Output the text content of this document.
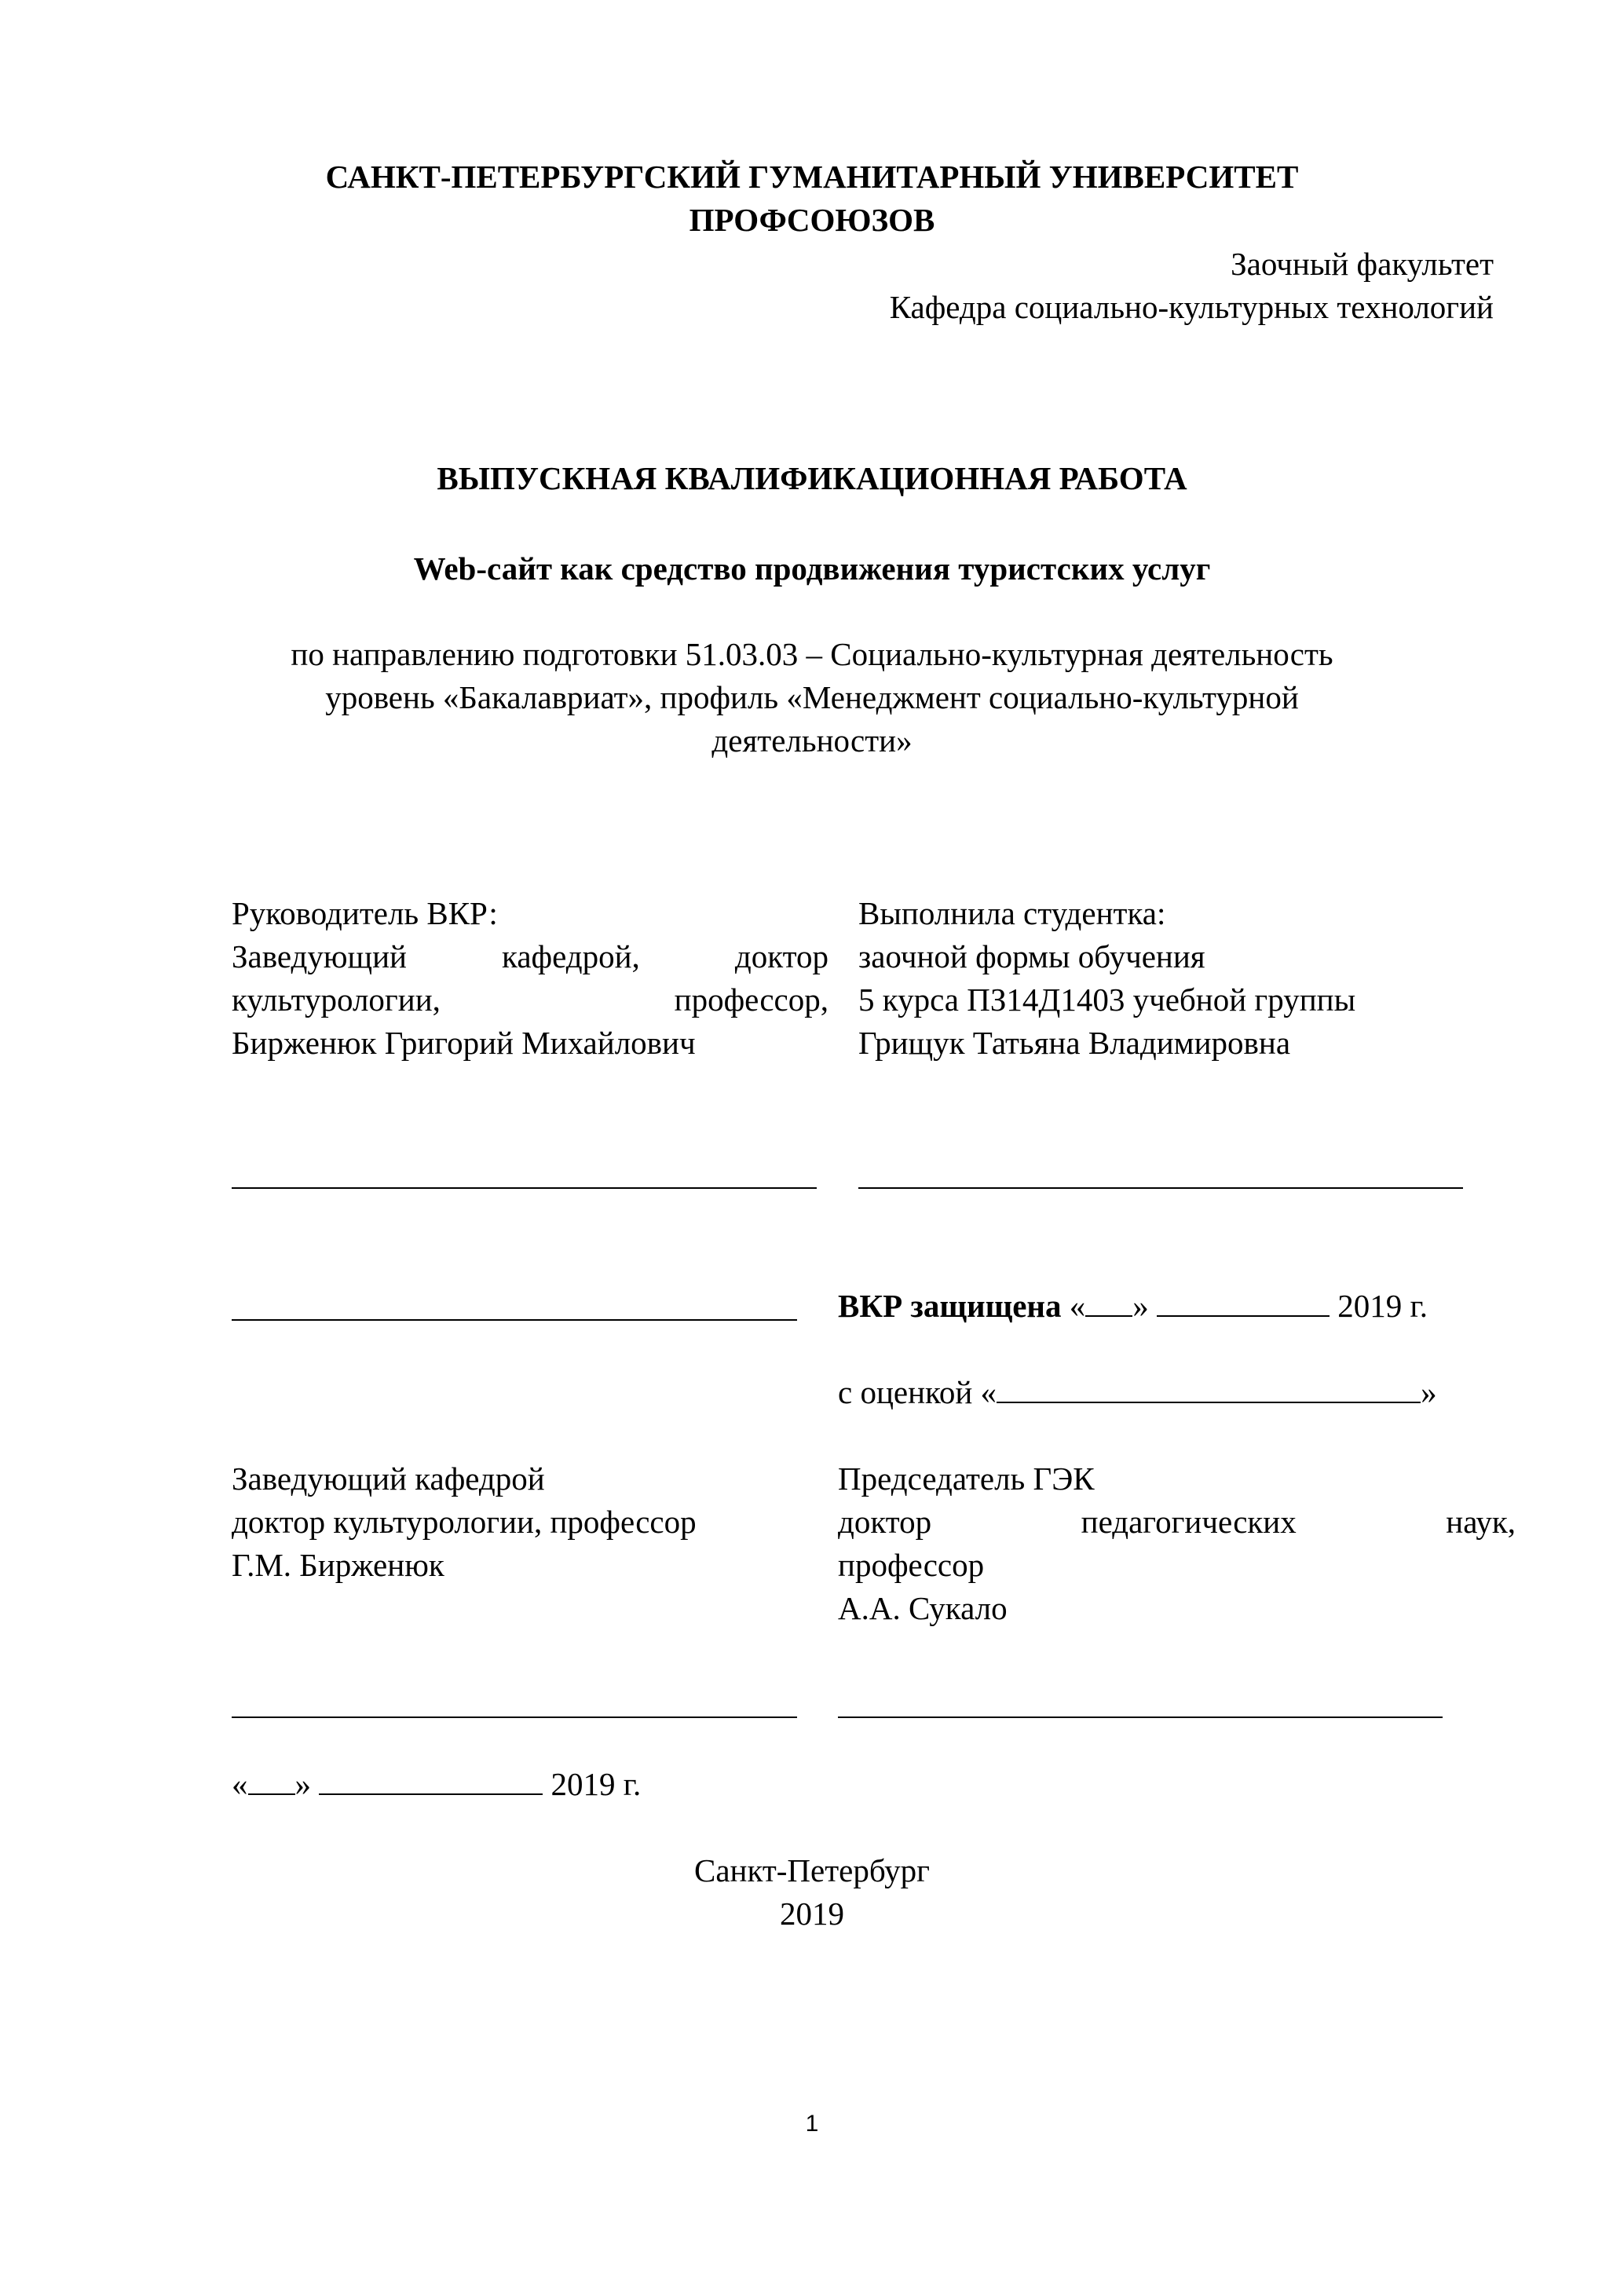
САНКТ-ПЕТЕРБУРГСКИЙ ГУМАНИТАРНЫЙ УНИВЕРСИТЕТ
ПРОФСОЮЗОВ
Заочный факультет
Кафедра социально-культурных технологий
ВЫПУСКНАЯ КВАЛИФИКАЦИОННАЯ РАБОТА
Web-сайт как средство продвижения туристских услуг
по направлению подготовки 51.03.03 – Социально-культурная деятельность
уровень «Бакалавриат», профиль «Менеджмент социально-культурной
деятельности»
Руководитель ВКР:
Заведующий	кафедрой,	доктор
культурологии,	профессор,
Бирженюк Григорий Михайлович
Выполнила студентка:
заочной формы обучения
5 курса ПЗ14Д1403 учебной группы
Грищук Татьяна Владимировна
ВКР защищена « »	2019 г.
с оценкой «	»
Заведующий кафедрой
доктор культурологии, профессор
Г.М. Бирженюк
Председатель ГЭК
доктор	педагогических	наук,
профессор
А.А. Сукало
« »	2019 г.
Санкт-Петербург
2019
1
